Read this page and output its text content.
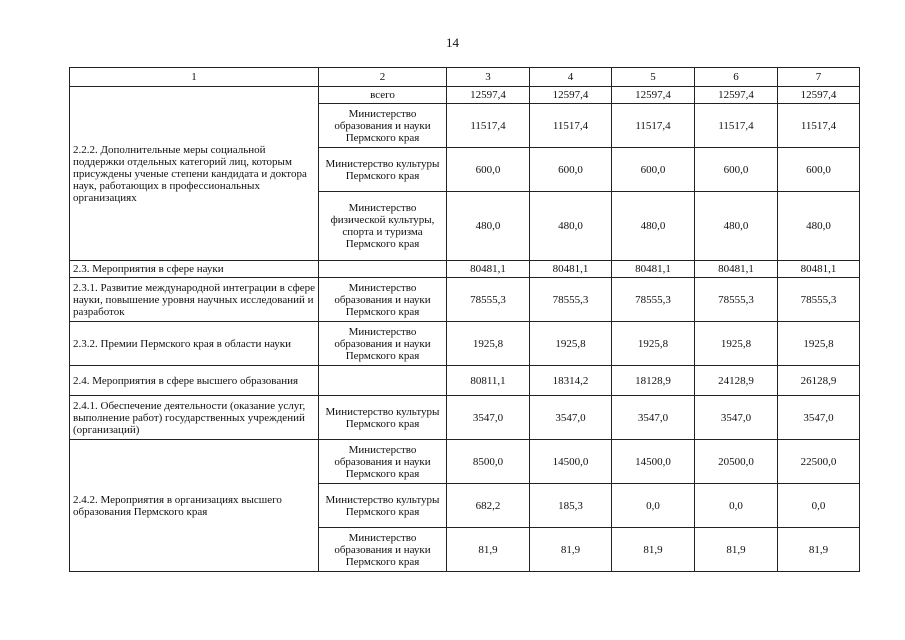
14
1	2	3	4	5	6	7
2.2.2. Дополнительные меры социальной поддержки отдельных категорий лиц, которым присуждены ученые степени кандидата и доктора наук, работающих в профессиональных организациях	всего	12597,4	12597,4	12597,4	12597,4	12597,4
	Министерство образования и науки Пермского края	11517,4	11517,4	11517,4	11517,4	11517,4
	Министерство культуры Пермского края	600,0	600,0	600,0	600,0	600,0
	Министерство физической культуры, спорта и туризма Пермского края	480,0	480,0	480,0	480,0	480,0
2.3. Мероприятия в сфере науки		80481,1	80481,1	80481,1	80481,1	80481,1
2.3.1. Развитие международной интеграции в сфере науки, повышение уровня научных исследований и разработок	Министерство образования и науки Пермского края	78555,3	78555,3	78555,3	78555,3	78555,3
2.3.2. Премии Пермского края в области науки	Министерство образования и науки Пермского края	1925,8	1925,8	1925,8	1925,8	1925,8
2.4. Мероприятия в сфере высшего образования		80811,1	18314,2	18128,9	24128,9	26128,9
2.4.1. Обеспечение деятельности (оказание услуг, выполнение работ) государственных учреждений (организаций)	Министерство культуры Пермского края	3547,0	3547,0	3547,0	3547,0	3547,0
2.4.2. Мероприятия в организациях высшего образования Пермского края	Министерство образования и науки Пермского края	8500,0	14500,0	14500,0	20500,0	22500,0
	Министерство культуры Пермского края	682,2	185,3	0,0	0,0	0,0
	Министерство образования и науки Пермского края	81,9	81,9	81,9	81,9	81,9
